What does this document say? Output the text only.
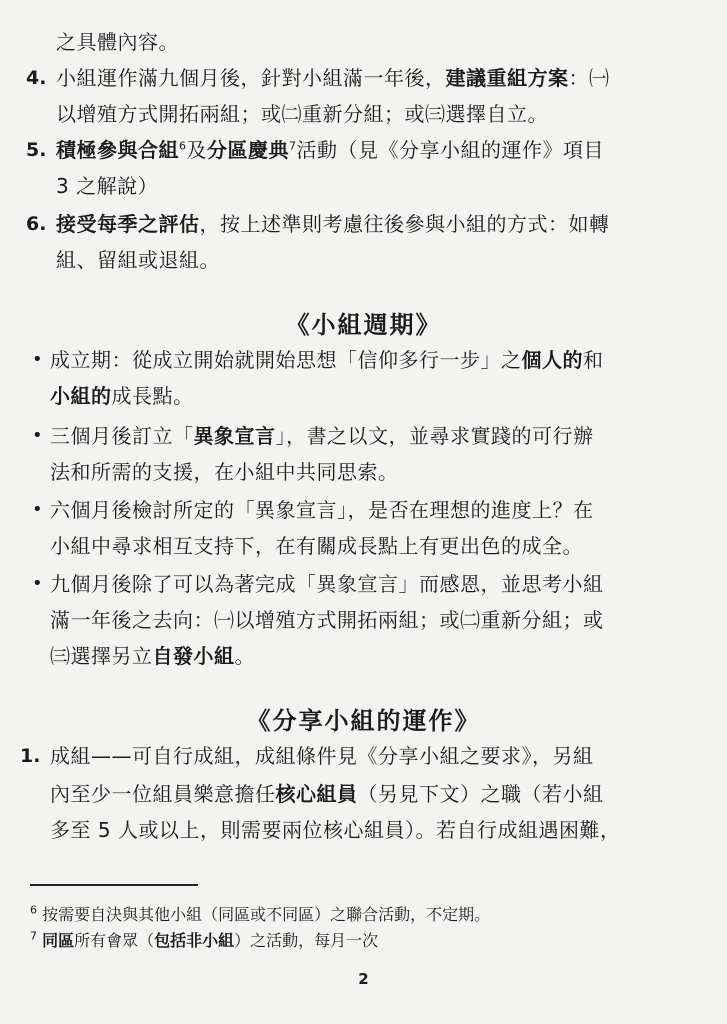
之具體內容。
4. 小組運作滿九個月後，針對小組滿一年後，建議重組方案：㈠
以增殖方式開拓兩組；或㈡重新分組；或㈢選擇自立。
5. 積極參與合組$^6$及分區慶典$^7$活動（見《分享小組的運作》項目
3 之解說）
6. 接受每季之評估，按上述準則考慮往後參與小組的方式：如轉
組、留組或退組。
《小組週期》
• 成立期：從成立開始就開始思想「信仰多行一步」之個人的和
小組的成長點。
• 三個月後訂立「異象宣言」，書之以文，並尋求實踐的可行辦
法和所需的支援，在小組中共同思索。
• 六個月後檢討所定的「異象宣言」，是否在理想的進度上？在
小組中尋求相互支持下，在有關成長點上有更出色的成全。
• 九個月後除了可以為著完成「異象宣言」而感恩，並思考小組
滿一年後之去向：㈠以增殖方式開拓兩組；或㈡重新分組；或
㈢選擇另立自發小組。
《分享小組的運作》
1. 成組——可自行成組，成組條件見《分享小組之要求》，另組
內至少一位組員樂意擔任核心組員（另見下文）之職（若小組
多至 5 人或以上，則需要兩位核心組員）。若自行成組遇困難，
$^6$ 按需要自決與其他小組（同區或不同區）之聯合活動，不定期。
$^7$ 同區所有會眾（包括非小組）之活動，每月一次
2
